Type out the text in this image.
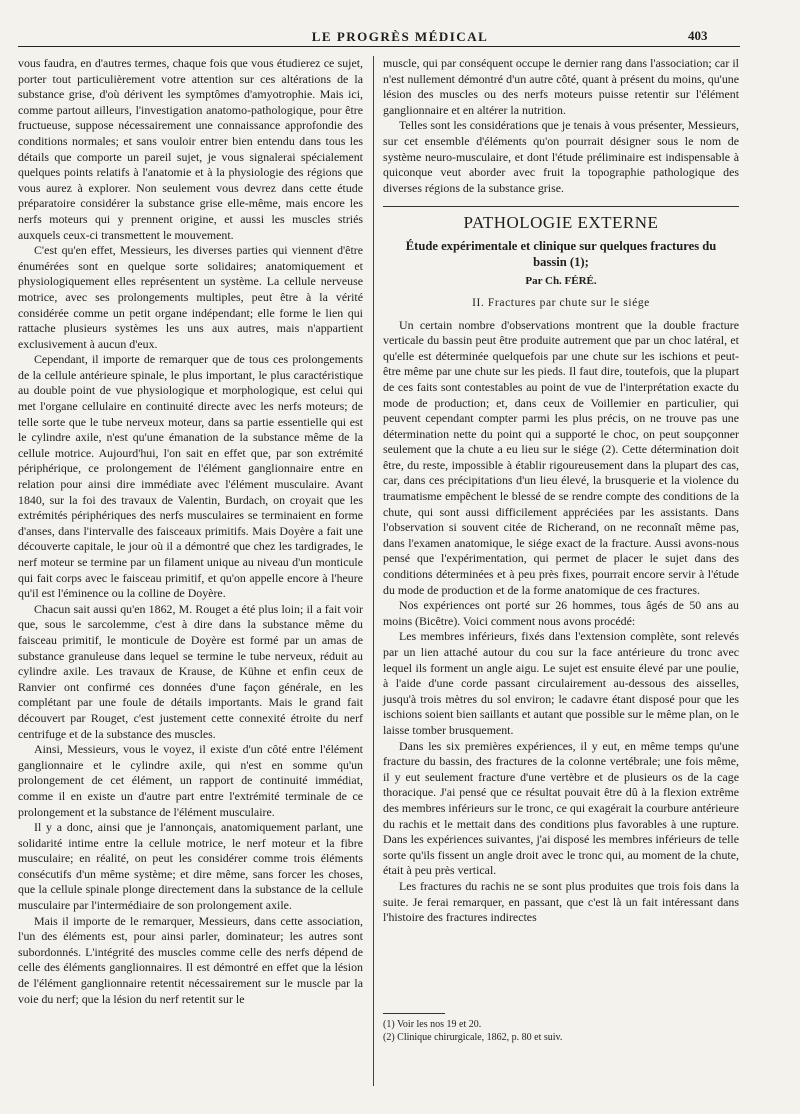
LE PROGRÈS MÉDICAL	403

vous faudra, en d'autres termes, chaque fois que vous étudierez ce sujet, porter tout particulièrement votre attention sur ces altérations de la substance grise, d'où dérivent les symptômes d'amyotrophie. Mais ici, comme partout ailleurs, l'investigation anatomo-pathologique, pour être fructueuse, suppose nécessairement une connaissance approfondie des conditions normales; et sans vouloir entrer bien entendu dans tous les détails que comporte un pareil sujet, je vous signalerai spécialement quelques points relatifs à l'anatomie et à la physiologie des régions que vous aurez à explorer. Non seulement vous devrez dans cette étude préparatoire considérer la substance grise elle-même, mais encore les nerfs moteurs qui y prennent origine, et aussi les muscles striés auxquels ceux-ci transmettent le mouvement.

C'est qu'en effet, Messieurs, les diverses parties qui viennent d'être énumérées sont en quelque sorte solidaires; anatomiquement et physiologiquement elles représentent un système. La cellule nerveuse motrice, avec ses prolongements multiples, peut être à la vérité considérée comme un petit organe indépendant; elle forme le lien qui rattache plusieurs systèmes les uns aux autres, mais n'appartient exclusivement à aucun d'eux.

Cependant, il importe de remarquer que de tous ces prolongements de la cellule antérieure spinale, le plus important, le plus caractéristique au double point de vue physiologique et morphologique, est celui qui met l'organe cellulaire en continuité directe avec les nerfs moteurs; de telle sorte que le tube nerveux moteur, dans sa partie essentielle qui est le cylindre axile, n'est qu'une émanation de la substance même de la cellule motrice. Aujourd'hui, l'on sait en effet que, par son extrémité périphérique, ce prolongement de l'élément ganglionnaire entre en relation pour ainsi dire immédiate avec l'élément musculaire. Avant 1840, sur la foi des travaux de Valentin, Burdach, on croyait que les extrémités périphériques des nerfs musculaires se terminaient en forme d'anses, dans l'intervalle des faisceaux primitifs. Mais Doyère a fait une découverte capitale, le jour où il a démontré que chez les tardigrades, le nerf moteur se termine par un filament unique au niveau d'un monticule qui fait corps avec le faisceau primitif, et qu'on appelle encore à l'heure qu'il est l'éminence ou la colline de Doyère.

Chacun sait aussi qu'en 1862, M. Rouget a été plus loin; il a fait voir que, sous le sarcolemme, c'est à dire dans la substance même du faisceau primitif, le monticule de Doyère est formé par un amas de substance granuleuse dans lequel se termine le tube nerveux, réduit au cylindre axile. Les travaux de Krause, de Kühne et enfin ceux de Ranvier ont confirmé ces données d'une façon générale, en les complétant par une foule de détails importants. Mais le grand fait découvert par Rouget, c'est justement cette connexité étroite du nerf centrifuge et de la substance des muscles.

Ainsi, Messieurs, vous le voyez, il existe d'un côté entre l'élément ganglionnaire et le cylindre axile, qui n'est en somme qu'un prolongement de cet élément, un rapport de continuité immédiat, comme il en existe un d'autre part entre l'extrémité terminale de ce prolongement et la substance de l'élément musculaire.

Il y a donc, ainsi que je l'annonçais, anatomiquement parlant, une solidarité intime entre la cellule motrice, le nerf moteur et la fibre musculaire; en réalité, on peut les considérer comme trois éléments consécutifs d'un même système; et dire même, sans forcer les choses, que la cellule spinale plonge directement dans la substance de la cellule musculaire par l'intermédiaire de son prolongement axile.

Mais il importe de le remarquer, Messieurs, dans cette association, l'un des éléments est, pour ainsi parler, dominateur; les autres sont subordonnés. L'intégrité des muscles comme celle des nerfs dépend de celle des éléments ganglionnaires. Il est démontré en effet que la lésion de l'élément ganglionnaire retentit nécessairement sur le muscle par la voie du nerf; que la lésion du nerf retentit sur le

muscle, qui par conséquent occupe le dernier rang dans l'association; car il n'est nullement démontré d'un autre côté, quant à présent du moins, qu'une lésion des muscles ou des nerfs moteurs puisse retentir sur l'élément ganglionnaire et en altérer la nutrition.

Telles sont les considérations que je tenais à vous présenter, Messieurs, sur cet ensemble d'éléments qu'on pourrait désigner sous le nom de système neuro-musculaire, et dont l'étude préliminaire est indispensable à quiconque veut aborder avec fruit la topographie pathologique des diverses régions de la substance grise.

PATHOLOGIE EXTERNE
Étude expérimentale et clinique sur quelques fractures du bassin (1);
Par Ch. FÉRÉ.
II. Fractures par chute sur le siége

Un certain nombre d'observations montrent que la double fracture verticale du bassin peut être produite autrement que par un choc latéral, et qu'elle est déterminée quelquefois par une chute sur les ischions et peut-être même par une chute sur les pieds. Il faut dire, toutefois, que la plupart de ces faits sont contestables au point de vue de l'interprétation exacte du mode de production; et, dans ceux de Voillemier en particulier, qui peuvent cependant compter parmi les plus précis, on ne trouve pas une détermination nette du point qui a supporté le choc, on peut soupçonner seulement que la chute a eu lieu sur le siége (2). Cette détermination doit être, du reste, impossible à établir rigoureusement dans la plupart des cas, car, dans ces précipitations d'un lieu élevé, la brusquerie et la violence du traumatisme empêchent le blessé de se rendre compte des conditions de la chute, qui sont aussi difficilement appréciées par les assistants. Dans l'observation si souvent citée de Richerand, on ne reconnaît même pas, dans l'examen anatomique, le siége exact de la fracture. Aussi avons-nous pensé que l'expérimentation, qui permet de placer le sujet dans des conditions déterminées et à peu près fixes, pourrait encore servir à l'étude du mode de production et de la forme anatomique de ces fractures.

Nos expériences ont porté sur 26 hommes, tous âgés de 50 ans au moins (Bicêtre). Voici comment nous avons procédé:

Les membres inférieurs, fixés dans l'extension complète, sont relevés par un lien attaché autour du cou sur la face antérieure du tronc avec lequel ils forment un angle aigu. Le sujet est ensuite élevé par une poulie, à l'aide d'une corde passant circulairement au-dessous des aisselles, jusqu'à trois mètres du sol environ; le cadavre étant disposé pour que les ischions soient bien saillants et autant que possible sur le même plan, on le laisse tomber brusquement.

Dans les six premières expériences, il y eut, en même temps qu'une fracture du bassin, des fractures de la colonne vertébrale; une fois même, il y eut seulement fracture d'une vertèbre et de plusieurs os de la cage thoracique. J'ai pensé que ce résultat pouvait être dû à la flexion extrême des membres inférieurs sur le tronc, ce qui exagérait la courbure antérieure du rachis et le mettait dans des conditions plus favorables à une rupture. Dans les expériences suivantes, j'ai disposé les membres inférieurs de telle sorte qu'ils fissent un angle droit avec le tronc qui, au moment de la chute, était à peu près vertical.

Les fractures du rachis ne se sont plus produites que trois fois dans la suite. Je ferai remarquer, en passant, que c'est là un fait intéressant dans l'histoire des fractures indirectes

(1) Voir les nos 19 et 20.

(2) Clinique chirurgicale, 1862, p. 80 et suiv.
